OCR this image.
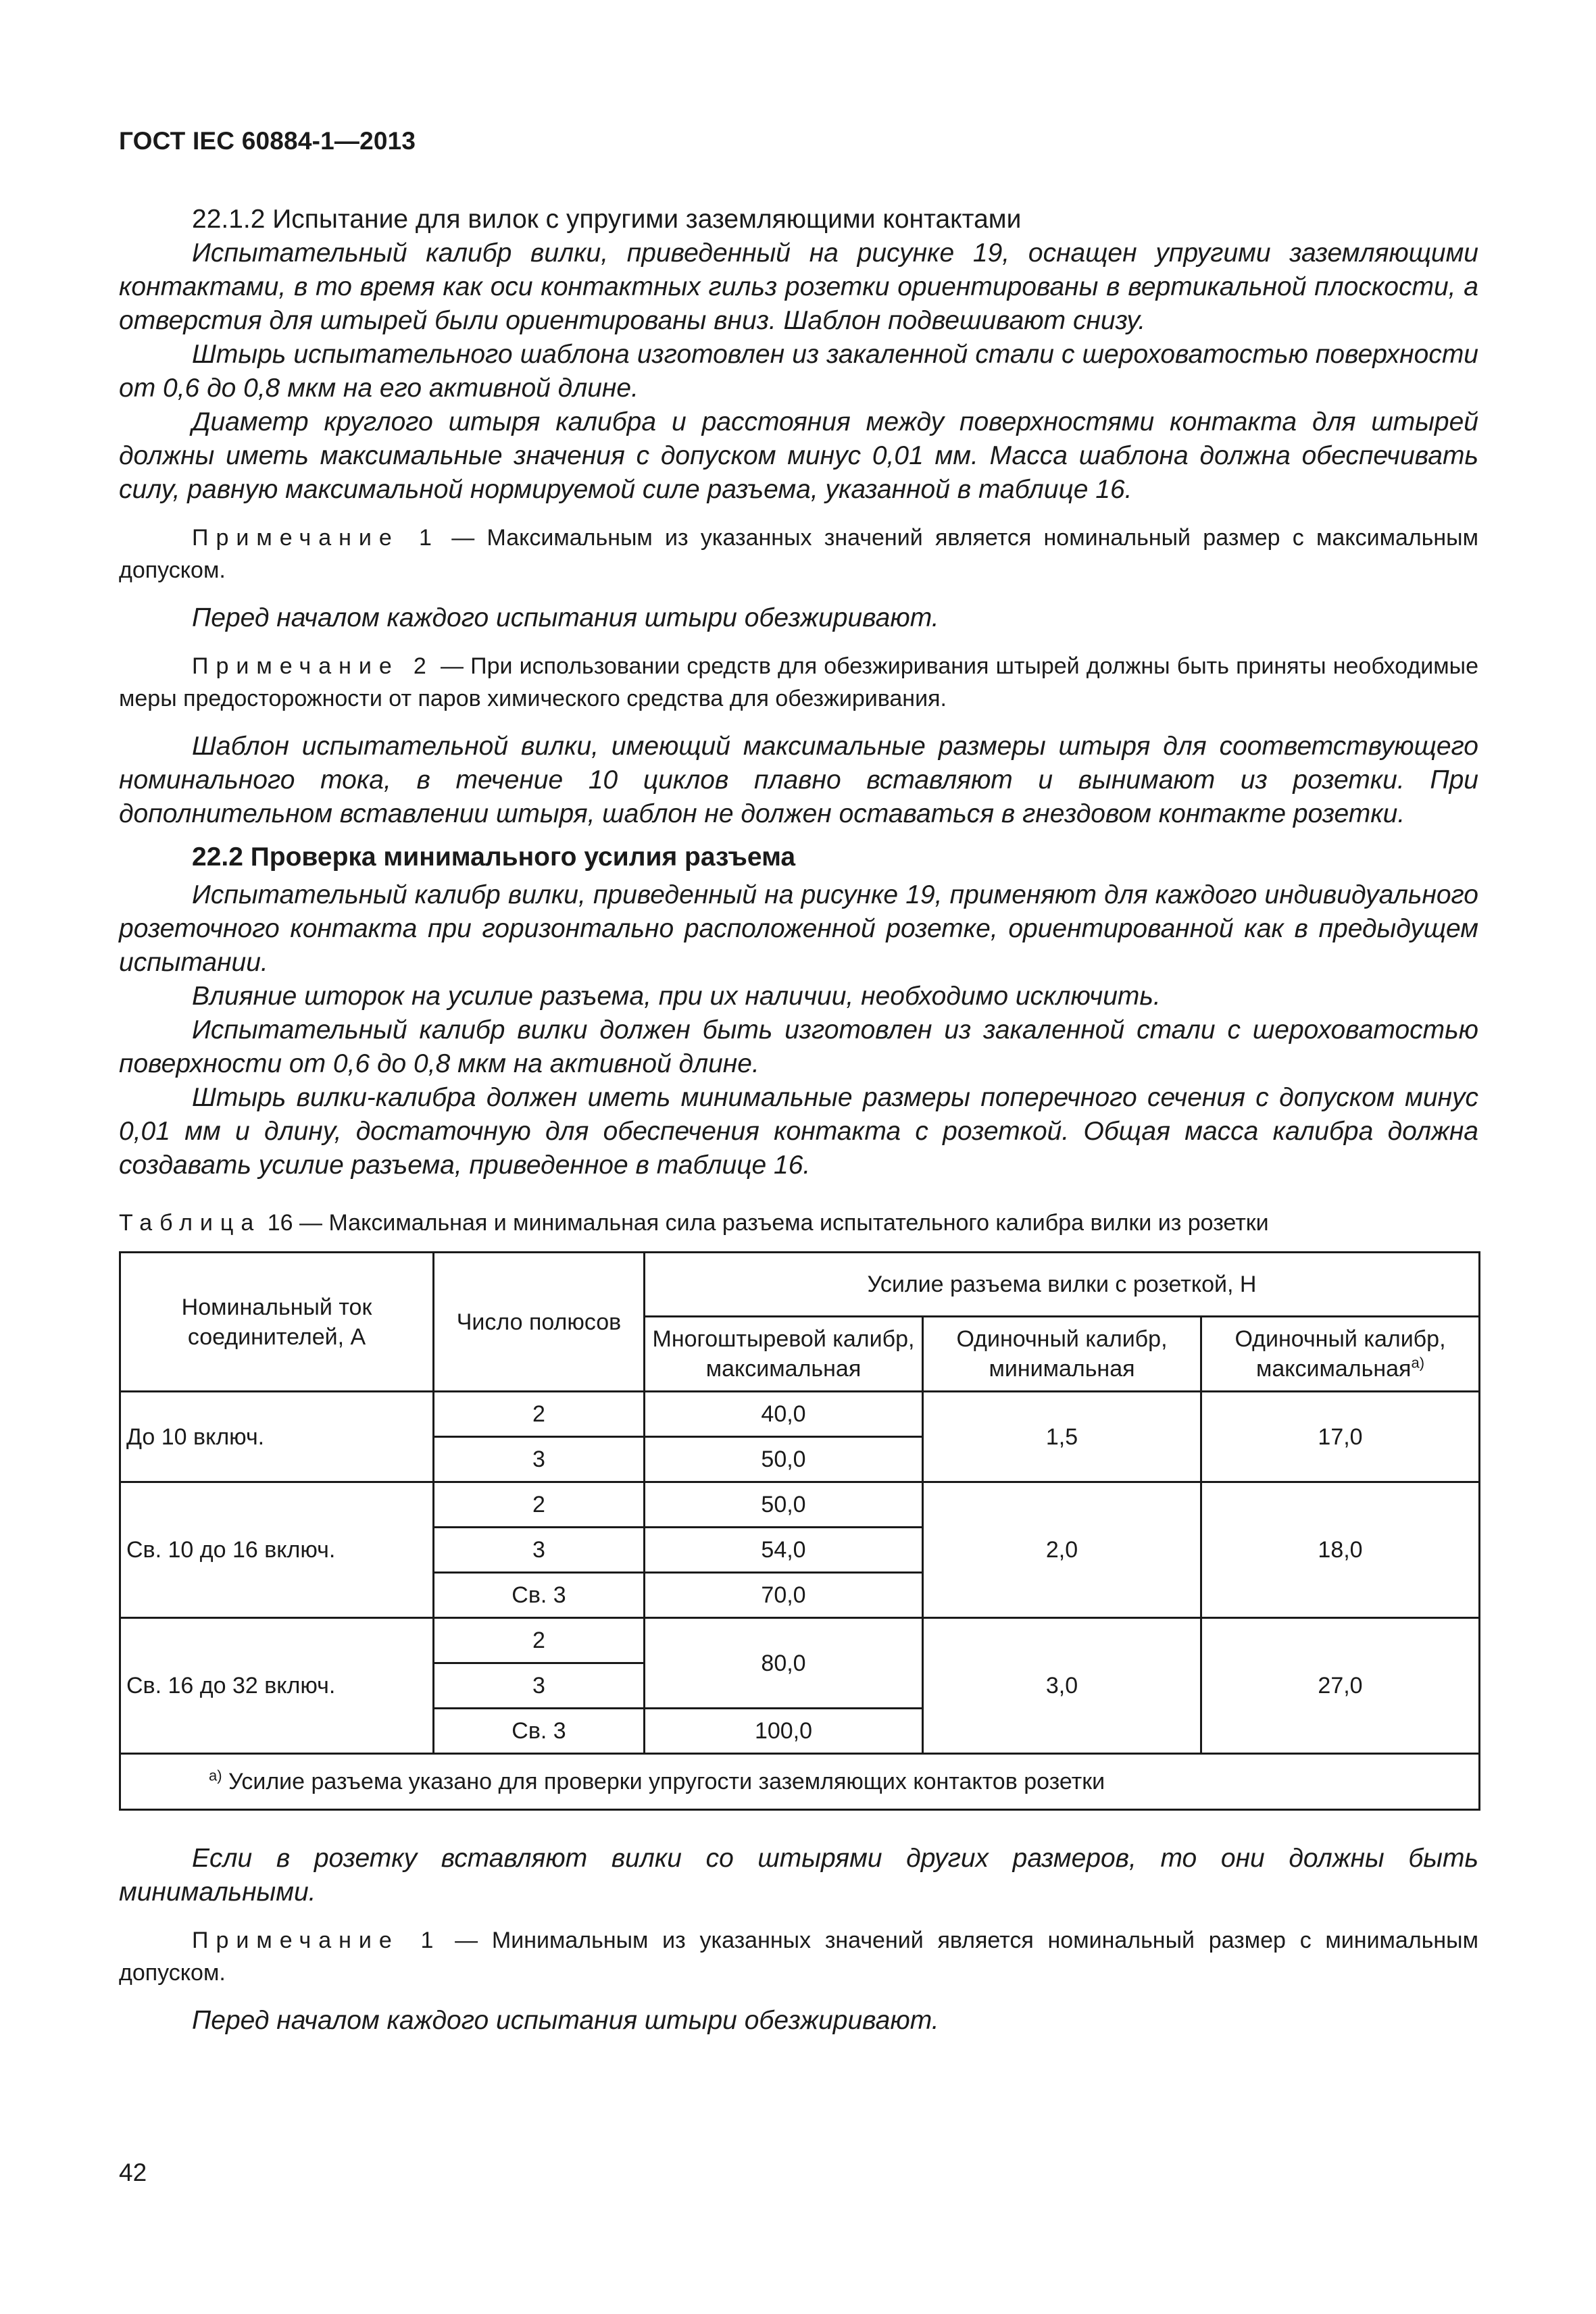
ГОСТ IEC 60884-1—2013

22.1.2 Испытание для вилок с упругими заземляющими контактами

Испытательный калибр вилки, приведенный на рисунке 19, оснащен упругими заземляющими контактами, в то время как оси контактных гильз розетки ориентированы в вертикальной плоскости, а отверстия для штырей были ориентированы вниз. Шаблон подвешивают снизу.

Штырь испытательного шаблона изготовлен из закаленной стали с шероховатостью поверхности от 0,6 до 0,8 мкм на его активной длине.

Диаметр круглого штыря калибра и расстояния между поверхностями контакта для штырей должны иметь максимальные значения с допуском минус 0,01 мм. Масса шаблона должна обеспечивать силу, равную максимальной нормируемой силе разъема, указанной в таблице 16.

Примечание 1 — Максимальным из указанных значений является номинальный размер с максимальным допуском.

Перед началом каждого испытания штыри обезжиривают.

Примечание 2 — При использовании средств для обезжиривания штырей должны быть приняты необходимые меры предосторожности от паров химического средства для обезжиривания.

Шаблон испытательной вилки, имеющий максимальные размеры штыря для соответствующего номинального тока, в течение 10 циклов плавно вставляют и вынимают из розетки. При дополнительном вставлении штыря, шаблон не должен оставаться в гнездовом контакте розетки.

22.2 Проверка минимального усилия разъема

Испытательный калибр вилки, приведенный на рисунке 19, применяют для каждого индивидуального розеточного контакта при горизонтально расположенной розетке, ориентированной как в предыдущем испытании.

Влияние шторок на усилие разъема, при их наличии, необходимо исключить.

Испытательный калибр вилки должен быть изготовлен из закаленной стали с шероховатостью поверхности от 0,6 до 0,8 мкм на активной длине.

Штырь вилки-калибра должен иметь минимальные размеры поперечного сечения с допуском минус 0,01 мм и длину, достаточную для обеспечения контакта с розеткой. Общая масса калибра должна создавать усилие разъема, приведенное в таблице 16.

Таблица 16 — Максимальная и минимальная сила разъема испытательного калибра вилки из розетки

Номинальный ток соединителей, А	Число полюсов	Усилие разъема вилки с розеткой, Н		
		Многоштыревой калибр, максимальная	Одиночный калибр, минимальная	Одиночный калибр, максимальная$^{а)}$
До 10 включ.	2	40,0	1,5	17,0
	3	50,0		
Св. 10 до 16 включ.	2	50,0	2,0	18,0
	3	54,0		
	Св. 3	70,0		
Св. 16 до 32 включ.	2	80,0	3,0	27,0
	3			
	Св. 3	100,0		
$^{а)}$ Усилие разъема указано для проверки упругости заземляющих контактов розетки				

Если в розетку вставляют вилки со штырями других размеров, то они должны быть минимальными.

Примечание 1 — Минимальным из указанных значений является номинальный размер с минимальным допуском.

Перед началом каждого испытания штыри обезжиривают.

42
